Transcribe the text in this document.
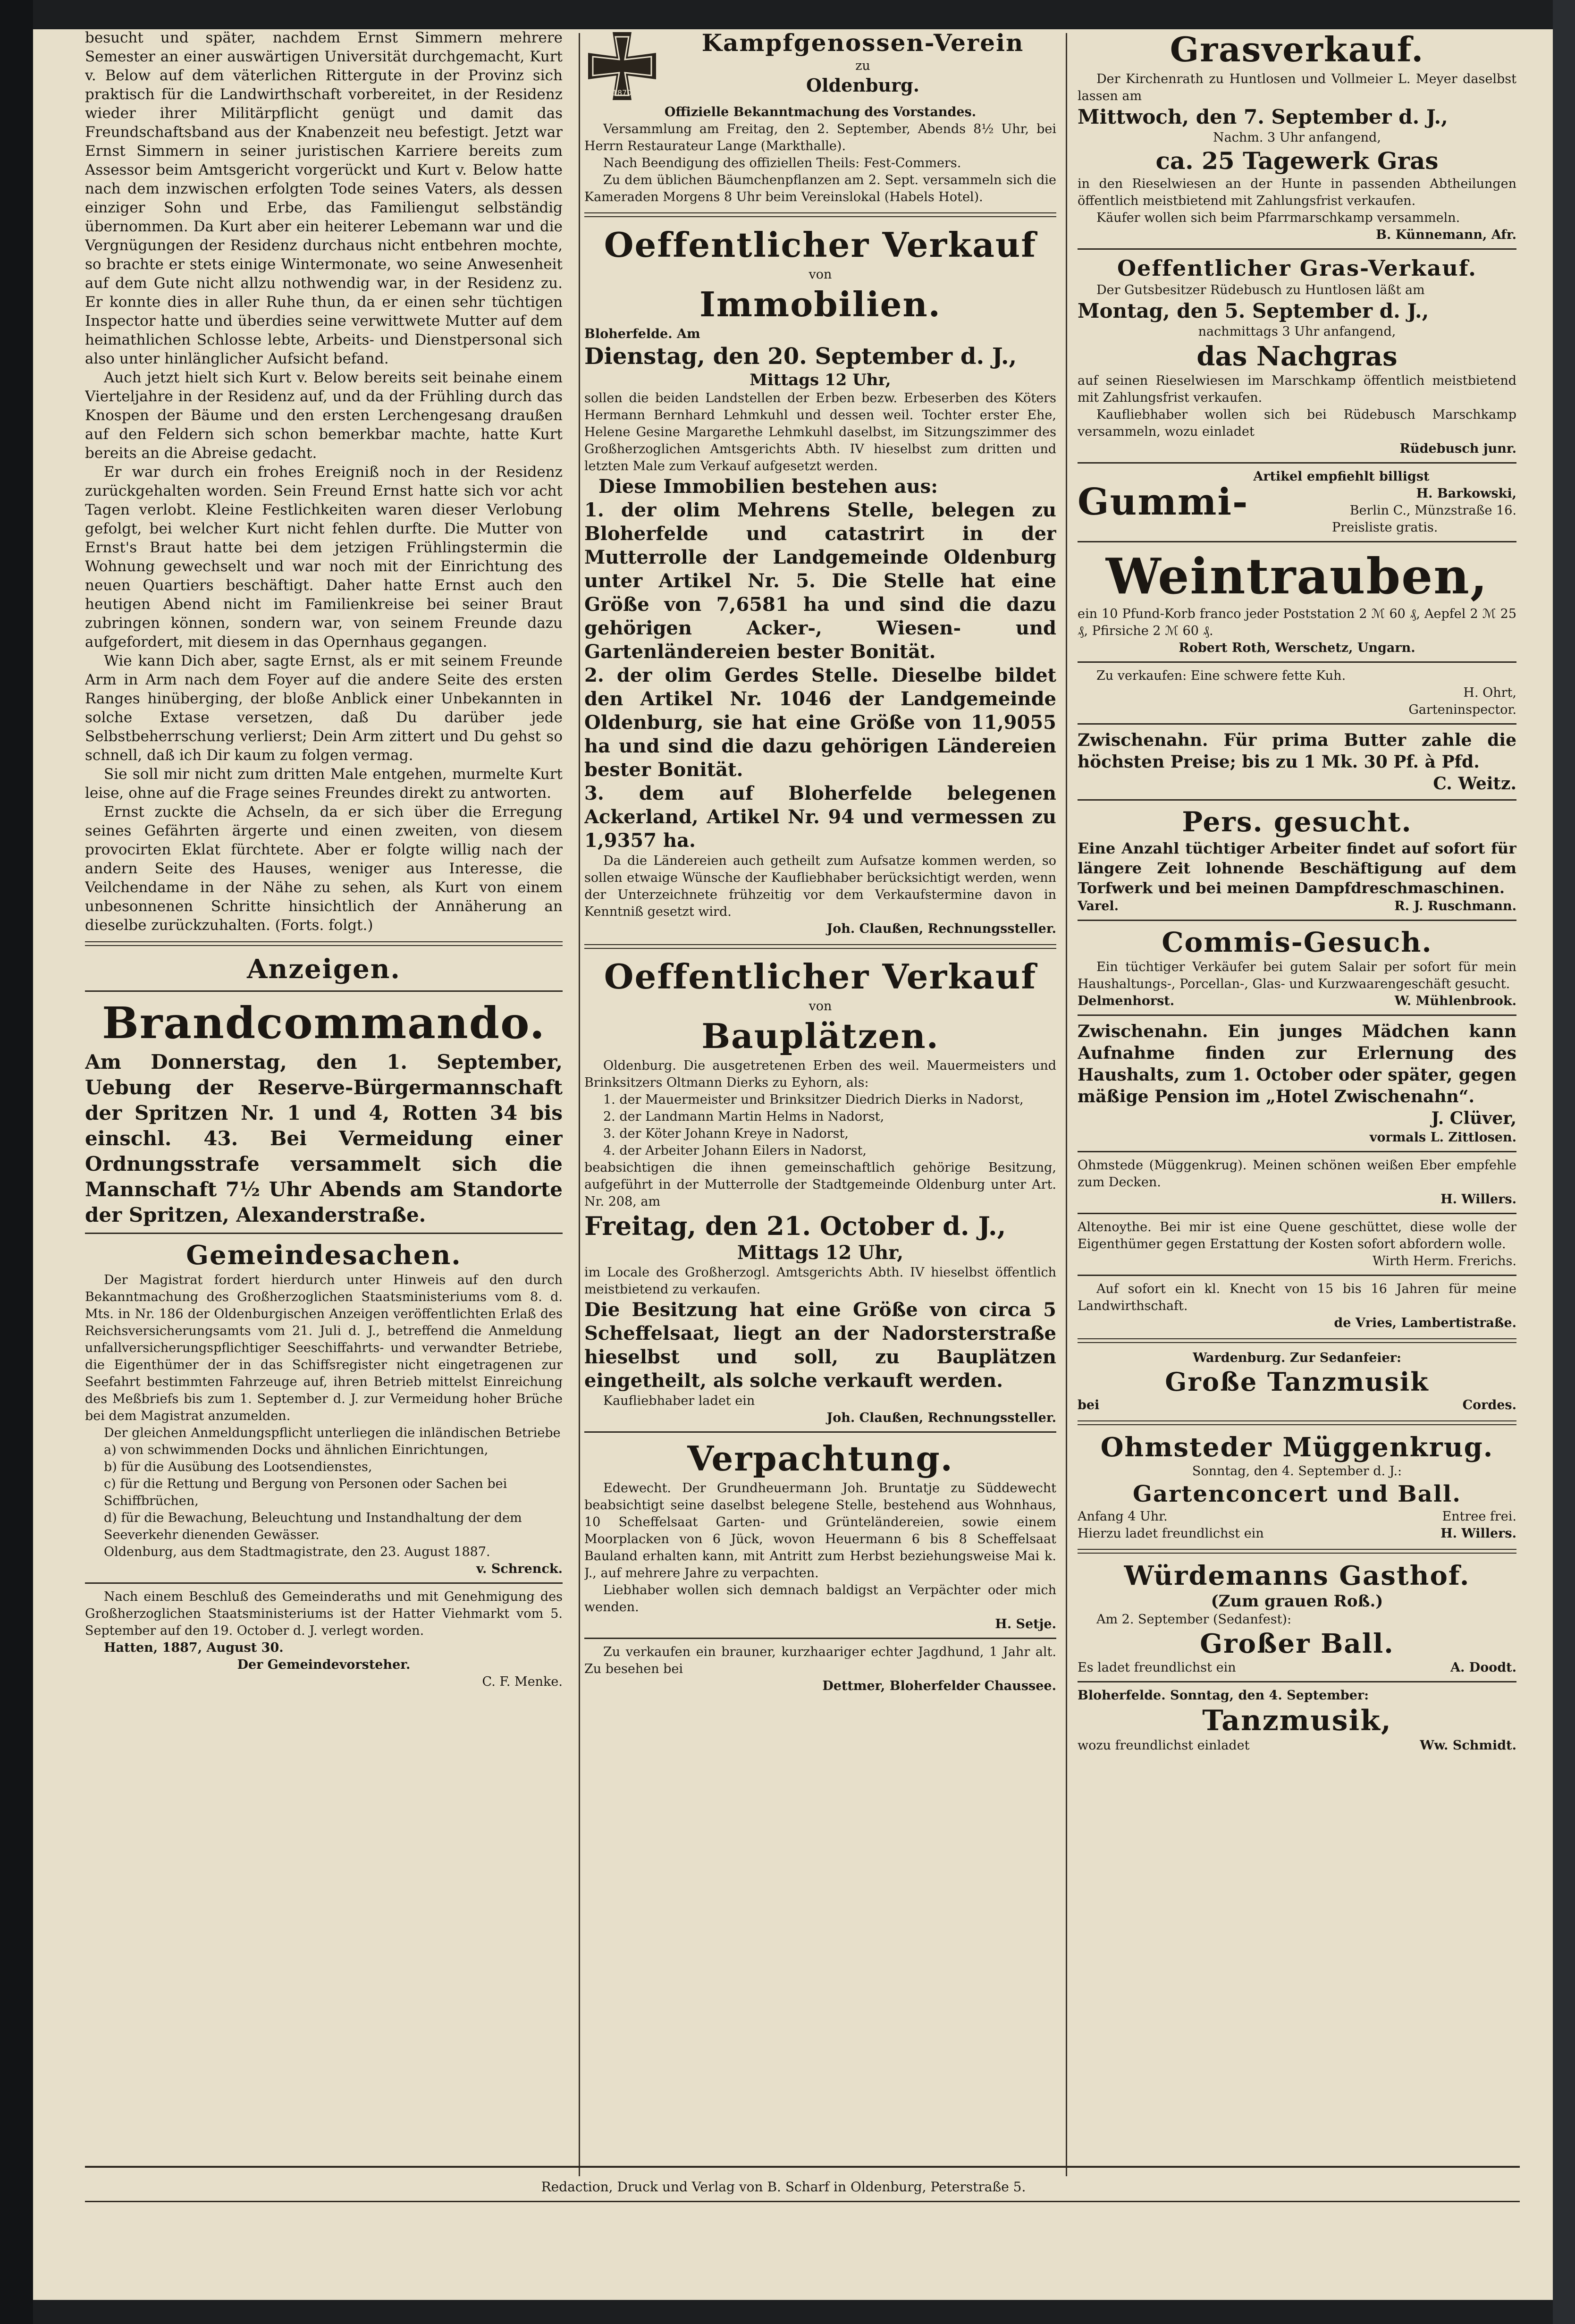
besucht und später, nachdem Ernst Simmern mehrere Semester an einer auswärtigen Universität durchgemacht, Kurt v. Below auf dem väterlichen Rittergute in der Provinz sich praktisch für die Landwirthschaft vorbereitet, in der Residenz wieder ihrer Militärpflicht genügt und damit das Freundschaftsband aus der Knabenzeit neu befestigt. Jetzt war Ernst Simmern in seiner juristischen Karriere bereits zum Assessor beim Amtsgericht vorgerückt und Kurt v. Below hatte nach dem inzwischen erfolgten Tode seines Vaters, als dessen einziger Sohn und Erbe, das Familiengut selbständig übernommen. Da Kurt aber ein heiterer Lebemann war und die Vergnügungen der Residenz durchaus nicht entbehren mochte, so brachte er stets einige Wintermonate, wo seine Anwesenheit auf dem Gute nicht allzu nothwendig war, in der Residenz zu. Er konnte dies in aller Ruhe thun, da er einen sehr tüchtigen Inspector hatte und überdies seine verwittwete Mutter auf dem heimathlichen Schlosse lebte, Arbeits- und Dienstpersonal sich also unter hinlänglicher Aufsicht befand.

Auch jetzt hielt sich Kurt v. Below bereits seit beinahe einem Vierteljahre in der Residenz auf, und da der Frühling durch das Knospen der Bäume und den ersten Lerchengesang draußen auf den Feldern sich schon bemerkbar machte, hatte Kurt bereits an die Abreise gedacht.

Er war durch ein frohes Ereigniß noch in der Residenz zurückgehalten worden. Sein Freund Ernst hatte sich vor acht Tagen verlobt. Kleine Festlichkeiten waren dieser Verlobung gefolgt, bei welcher Kurt nicht fehlen durfte. Die Mutter von Ernst's Braut hatte bei dem jetzigen Frühlingstermin die Wohnung gewechselt und war noch mit der Einrichtung des neuen Quartiers beschäftigt. Daher hatte Ernst auch den heutigen Abend nicht im Familienkreise bei seiner Braut zubringen können, sondern war, von seinem Freunde dazu aufgefordert, mit diesem in das Opernhaus gegangen.

Wie kann Dich aber, sagte Ernst, als er mit seinem Freunde Arm in Arm nach dem Foyer auf die andere Seite des ersten Ranges hinüberging, der bloße Anblick einer Unbekannten in solche Extase versetzen, daß Du darüber jede Selbstbeherrschung verlierst; Dein Arm zittert und Du gehst so schnell, daß ich Dir kaum zu folgen vermag.

Sie soll mir nicht zum dritten Male entgehen, murmelte Kurt leise, ohne auf die Frage seines Freundes direkt zu antworten.

Ernst zuckte die Achseln, da er sich über die Erregung seines Gefährten ärgerte und einen zweiten, von diesem provocirten Eklat fürchtete. Aber er folgte willig nach der andern Seite des Hauses, weniger aus Interesse, die Veilchendame in der Nähe zu sehen, als Kurt von einem unbesonnenen Schritte hinsichtlich der Annäherung an dieselbe zurückzuhalten. (Forts. folgt.)

Anzeigen.
Brandcommando.

Am Donnerstag, den 1. September, Uebung der Reserve-Bürgermannschaft der Spritzen Nr. 1 und 4, Rotten 34 bis einschl. 43. Bei Vermeidung einer Ordnungsstrafe versammelt sich die Mannschaft 7½ Uhr Abends am Standorte der Spritzen, Alexanderstraße.

Gemeindesachen.

Der Magistrat fordert hierdurch unter Hinweis auf den durch Bekanntmachung des Großherzoglichen Staatsministeriums vom 8. d. Mts. in Nr. 186 der Oldenburgischen Anzeigen veröffentlichten Erlaß des Reichsversicherungsamts vom 21. Juli d. J., betreffend die Anmeldung unfallversicherungspflichtiger Seeschiffahrts- und verwandter Betriebe, die Eigenthümer der in das Schiffsregister nicht eingetragenen zur Seefahrt bestimmten Fahrzeuge auf, ihren Betrieb mittelst Einreichung des Meßbriefs bis zum 1. September d. J. zur Vermeidung hoher Brüche bei dem Magistrat anzumelden.

Der gleichen Anmeldungspflicht unterliegen die inländischen Betriebe

a) von schwimmenden Docks und ähnlichen Einrichtungen,
b) für die Ausübung des Lootsendienstes,
c) für die Rettung und Bergung von Personen oder Sachen bei Schiffbrüchen,
d) für die Bewachung, Beleuchtung und Instandhaltung der dem Seeverkehr dienenden Gewässer.

Oldenburg, aus dem Stadtmagistrate, den 23. August 1887.

v. Schrenck.

Nach einem Beschluß des Gemeinderaths und mit Genehmigung des Großherzoglichen Staatsministeriums ist der Hatter Viehmarkt vom 5. September auf den 19. October d. J. verlegt worden.

Hatten, 1887, August 30.

Der Gemeindevorsteher.

C. F. Menke.

1870
Kampfgenossen-Verein
zu
Oldenburg.
Offizielle Bekanntmachung des Vorstandes.

Versammlung am Freitag, den 2. September, Abends 8½ Uhr, bei Herrn Restaurateur Lange (Markthalle).

Nach Beendigung des offiziellen Theils: Fest-Commers.

Zu dem üblichen Bäumchenpflanzen am 2. Sept. versammeln sich die Kameraden Morgens 8 Uhr beim Vereinslokal (Habels Hotel).

Oeffentlicher Verkauf
von
Immobilien.

Bloherfelde. Am

Dienstag, den 20. September d. J.,

Mittags 12 Uhr,

sollen die beiden Landstellen der Erben bezw. Erbeserben des Köters Hermann Bernhard Lehmkuhl und dessen weil. Tochter erster Ehe, Helene Gesine Margarethe Lehmkuhl daselbst, im Sitzungszimmer des Großherzoglichen Amtsgerichts Abth. IV hieselbst zum dritten und letzten Male zum Verkauf aufgesetzt werden.

Diese Immobilien bestehen aus:

1. der olim Mehrens Stelle, belegen zu Bloherfelde und catastrirt in der Mutterrolle der Landgemeinde Oldenburg unter Artikel Nr. 5. Die Stelle hat eine Größe von 7,6581 ha und sind die dazu gehörigen Acker-, Wiesen- und Gartenländereien bester Bonität.

2. der olim Gerdes Stelle. Dieselbe bildet den Artikel Nr. 1046 der Landgemeinde Oldenburg, sie hat eine Größe von 11,9055 ha und sind die dazu gehörigen Ländereien bester Bonität.

3. dem auf Bloherfelde belegenen Ackerland, Artikel Nr. 94 und vermessen zu 1,9357 ha.

Da die Ländereien auch getheilt zum Aufsatze kommen werden, so sollen etwaige Wünsche der Kaufliebhaber berücksichtigt werden, wenn der Unterzeichnete frühzeitig vor dem Verkaufstermine davon in Kenntniß gesetzt wird.

Joh. Claußen, Rechnungssteller.

Oeffentlicher Verkauf
von
Bauplätzen.

Oldenburg. Die ausgetretenen Erben des weil. Mauermeisters und Brinksitzers Oltmann Dierks zu Eyhorn, als:

1. der Mauermeister und Brinksitzer Diedrich Dierks in Nadorst,
2. der Landmann Martin Helms in Nadorst,
3. der Köter Johann Kreye in Nadorst,
4. der Arbeiter Johann Eilers in Nadorst,

beabsichtigen die ihnen gemeinschaftlich gehörige Besitzung, aufgeführt in der Mutterrolle der Stadtgemeinde Oldenburg unter Art. Nr. 208, am

Freitag, den 21. October d. J.,

Mittags 12 Uhr,

im Locale des Großherzogl. Amtsgerichts Abth. IV hieselbst öffentlich meistbietend zu verkaufen.

Die Besitzung hat eine Größe von circa 5 Scheffelsaat, liegt an der Nadorsterstraße hieselbst und soll, zu Bauplätzen eingetheilt, als solche verkauft werden.

Kaufliebhaber ladet ein

Joh. Claußen, Rechnungssteller.

Verpachtung.

Edewecht. Der Grundheuermann Joh. Bruntatje zu Süddewecht beabsichtigt seine daselbst belegene Stelle, bestehend aus Wohnhaus, 10 Scheffelsaat Garten- und Grünteländereien, sowie einem Moorplacken von 6 Jück, wovon Heuermann 6 bis 8 Scheffelsaat Bauland erhalten kann, mit Antritt zum Herbst beziehungsweise Mai k. J., auf mehrere Jahre zu verpachten.

Liebhaber wollen sich demnach baldigst an Verpächter oder mich wenden.

H. Setje.

Zu verkaufen ein brauner, kurzhaariger echter Jagdhund, 1 Jahr alt. Zu besehen bei

Dettmer, Bloherfelder Chaussee.

Grasverkauf.

Der Kirchenrath zu Huntlosen und Vollmeier L. Meyer daselbst lassen am

Mittwoch, den 7. September d. J.,

Nachm. 3 Uhr anfangend,

ca. 25 Tagewerk Gras

in den Rieselwiesen an der Hunte in passenden Abtheilungen öffentlich meistbietend mit Zahlungsfrist verkaufen.

Käufer wollen sich beim Pfarrmarschkamp versammeln.

B. Künnemann, Afr.

Oeffentlicher Gras-Verkauf.

Der Gutsbesitzer Rüdebusch zu Huntlosen läßt am

Montag, den 5. September d. J.,

nachmittags 3 Uhr anfangend,

das Nachgras

auf seinen Rieselwiesen im Marschkamp öffentlich meistbietend mit Zahlungsfrist verkaufen.

Kaufliebhaber wollen sich bei Rüdebusch Marschkamp versammeln, wozu einladet

Rüdebusch junr.

Gummi-
Artikel empfiehlt billigst
H. Barkowski,
Berlin C., Münzstraße 16.
Preisliste gratis.
Weintrauben,

ein 10 Pfund-Korb franco jeder Poststation 2 ℳ 60 ₰, Aepfel 2 ℳ 25 ₰, Pfirsiche 2 ℳ 60 ₰.

Robert Roth, Werschetz, Ungarn.

Zu verkaufen: Eine schwere fette Kuh.

H. Ohrt,

Garteninspector.

Zwischenahn. Für prima Butter zahle die höchsten Preise; bis zu 1 Mk. 30 Pf. à Pfd.

C. Weitz.

Pers. gesucht.

Eine Anzahl tüchtiger Arbeiter findet auf sofort für längere Zeit lohnende Beschäftigung auf dem Torfwerk und bei meinen Dampfdreschmaschinen.

Varel.	R. J. Ruschmann.
Commis-Gesuch.

Ein tüchtiger Verkäufer bei gutem Salair per sofort für mein Haushaltungs-, Porcellan-, Glas- und Kurzwaarengeschäft gesucht.

Delmenhorst.	W. Mühlenbrook.

Zwischenahn. Ein junges Mädchen kann Aufnahme finden zur Erlernung des Haushalts, zum 1. October oder später, gegen mäßige Pension im „Hotel Zwischenahn“.

J. Clüver,

vormals L. Zittlosen.

Ohmstede (Müggenkrug). Meinen schönen weißen Eber empfehle zum Decken.

H. Willers.

Altenoythe. Bei mir ist eine Quene geschüttet, diese wolle der Eigenthümer gegen Erstattung der Kosten sofort abfordern wolle.

Wirth Herm. Frerichs.

Auf sofort ein kl. Knecht von 15 bis 16 Jahren für meine Landwirthschaft.

de Vries, Lambertistraße.

Wardenburg. Zur Sedanfeier:

Große Tanzmusik
bei	Cordes.
Ohmsteder Müggenkrug.

Sonntag, den 4. September d. J.:

Gartenconcert und Ball.
Anfang 4 Uhr.	Entree frei.
Hierzu ladet freundlichst ein	H. Willers.
Würdemanns Gasthof.

(Zum grauen Roß.)

Am 2. September (Sedanfest):

Großer Ball.
Es ladet freundlichst ein	A. Doodt.

Bloherfelde. Sonntag, den 4. September:

Tanzmusik,
wozu freundlichst einladet	Ww. Schmidt.
Redaction, Druck und Verlag von B. Scharf in Oldenburg, Peterstraße 5.
